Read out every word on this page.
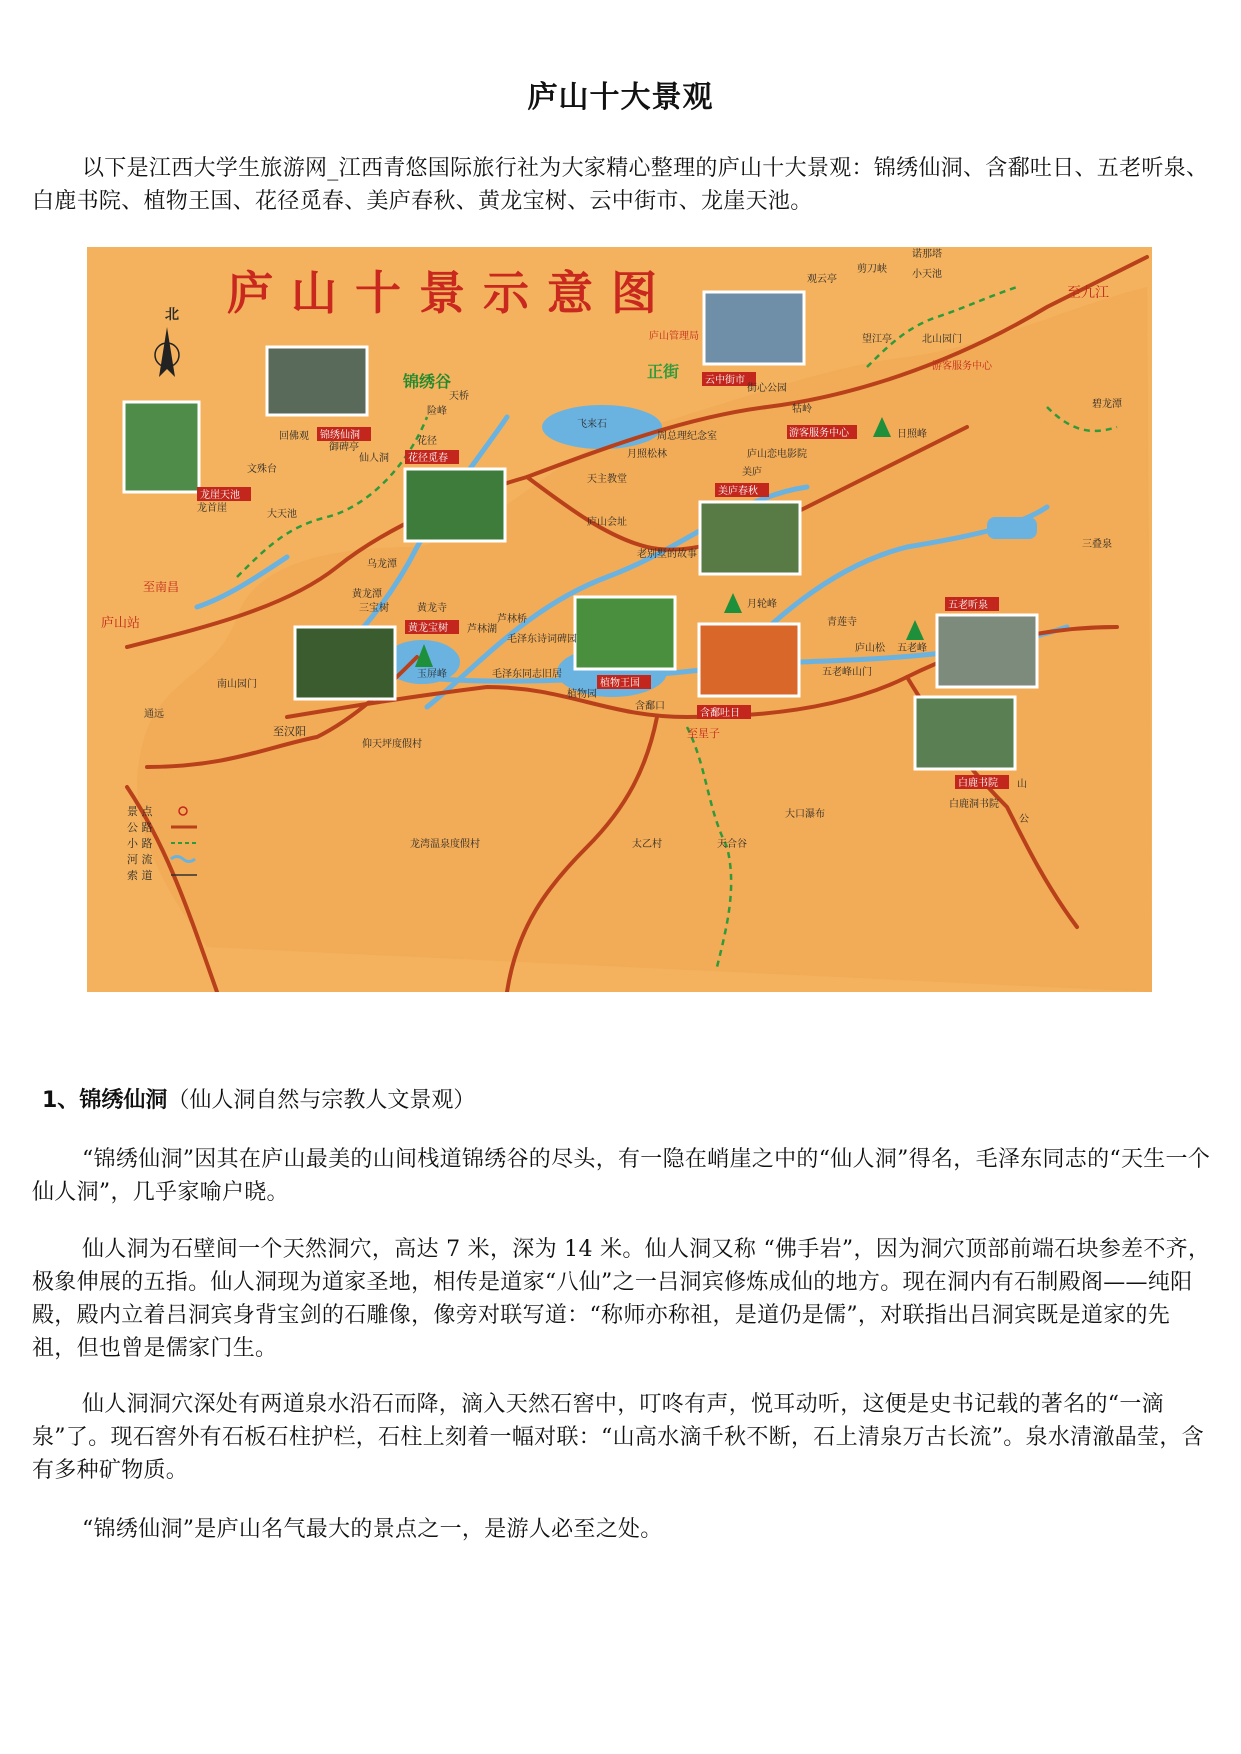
庐山十大景观

以下是江西大学生旅游网_江西青悠国际旅行社为大家精心整理的庐山十大景观：锦绣仙洞、含鄱吐日、五老听泉、白鹿书院、植物王国、花径觅春、美庐春秋、黄龙宝树、云中街市、龙崖天池。

庐山十景示意图
北
锦绣仙洞
花径觅春
龙崖天池
云中街市
美庐春秋
黄龙宝树
植物王国
含鄱吐日
五老听泉
白鹿书院
游客服务中心
庐山管理局
游客服务中心
锦绣谷
正街
至九江
天桥
仙人洞
御碑亭
花径
险峰
文殊台
回佛观
龙首崖
大天池
飞来石
月照松林
周总理纪念室
天主教堂
庐山会址
老别墅的故事
庐山恋电影院
街心公园
牯岭
美庐
观云亭
剪刀峡
诺那塔
小天池
望江亭	北山园门
日照峰
碧龙潭
乌龙潭
黄龙潭
三宝树	黄龙寺
芦林湖
芦林桥
毛泽东诗词碑园
毛泽东同志旧居
玉屏峰
植物园
含鄱口
月轮峰
青莲寺
庐山松 五老峰
五老峰山门
三叠泉
南山园门
通远
仰天坪度假村
龙湾温泉度假村	太乙村	天合谷
大口瀑布
白鹿洞书院
山
公
庐山站
至南昌
至汉阳	至星子
景 点
公 路
小 路
河 流
索 道
1、锦绣仙洞（仙人洞自然与宗教人文景观）

“锦绣仙洞”因其在庐山最美的山间栈道锦绣谷的尽头，有一隐在峭崖之中的“仙人洞”得名，毛泽东同志的“天生一个仙人洞”，几乎家喻户晓。

仙人洞为石壁间一个天然洞穴，高达 7 米，深为 14 米。仙人洞又称 “佛手岩”，因为洞穴顶部前端石块参差不齐，极象伸展的五指。仙人洞现为道家圣地，相传是道家“八仙”之一吕洞宾修炼成仙的地方。现在洞内有石制殿阁——纯阳殿，殿内立着吕洞宾身背宝剑的石雕像，像旁对联写道：“称师亦称祖，是道仍是儒”，对联指出吕洞宾既是道家的先祖，但也曾是儒家门生。

仙人洞洞穴深处有两道泉水沿石而降，滴入天然石窖中，叮咚有声，悦耳动听，这便是史书记载的著名的“一滴泉”了。现石窖外有石板石柱护栏，石柱上刻着一幅对联：“山高水滴千秋不断，石上清泉万古长流”。泉水清澈晶莹，含有多种矿物质。

“锦绣仙洞”是庐山名气最大的景点之一，是游人必至之处。
